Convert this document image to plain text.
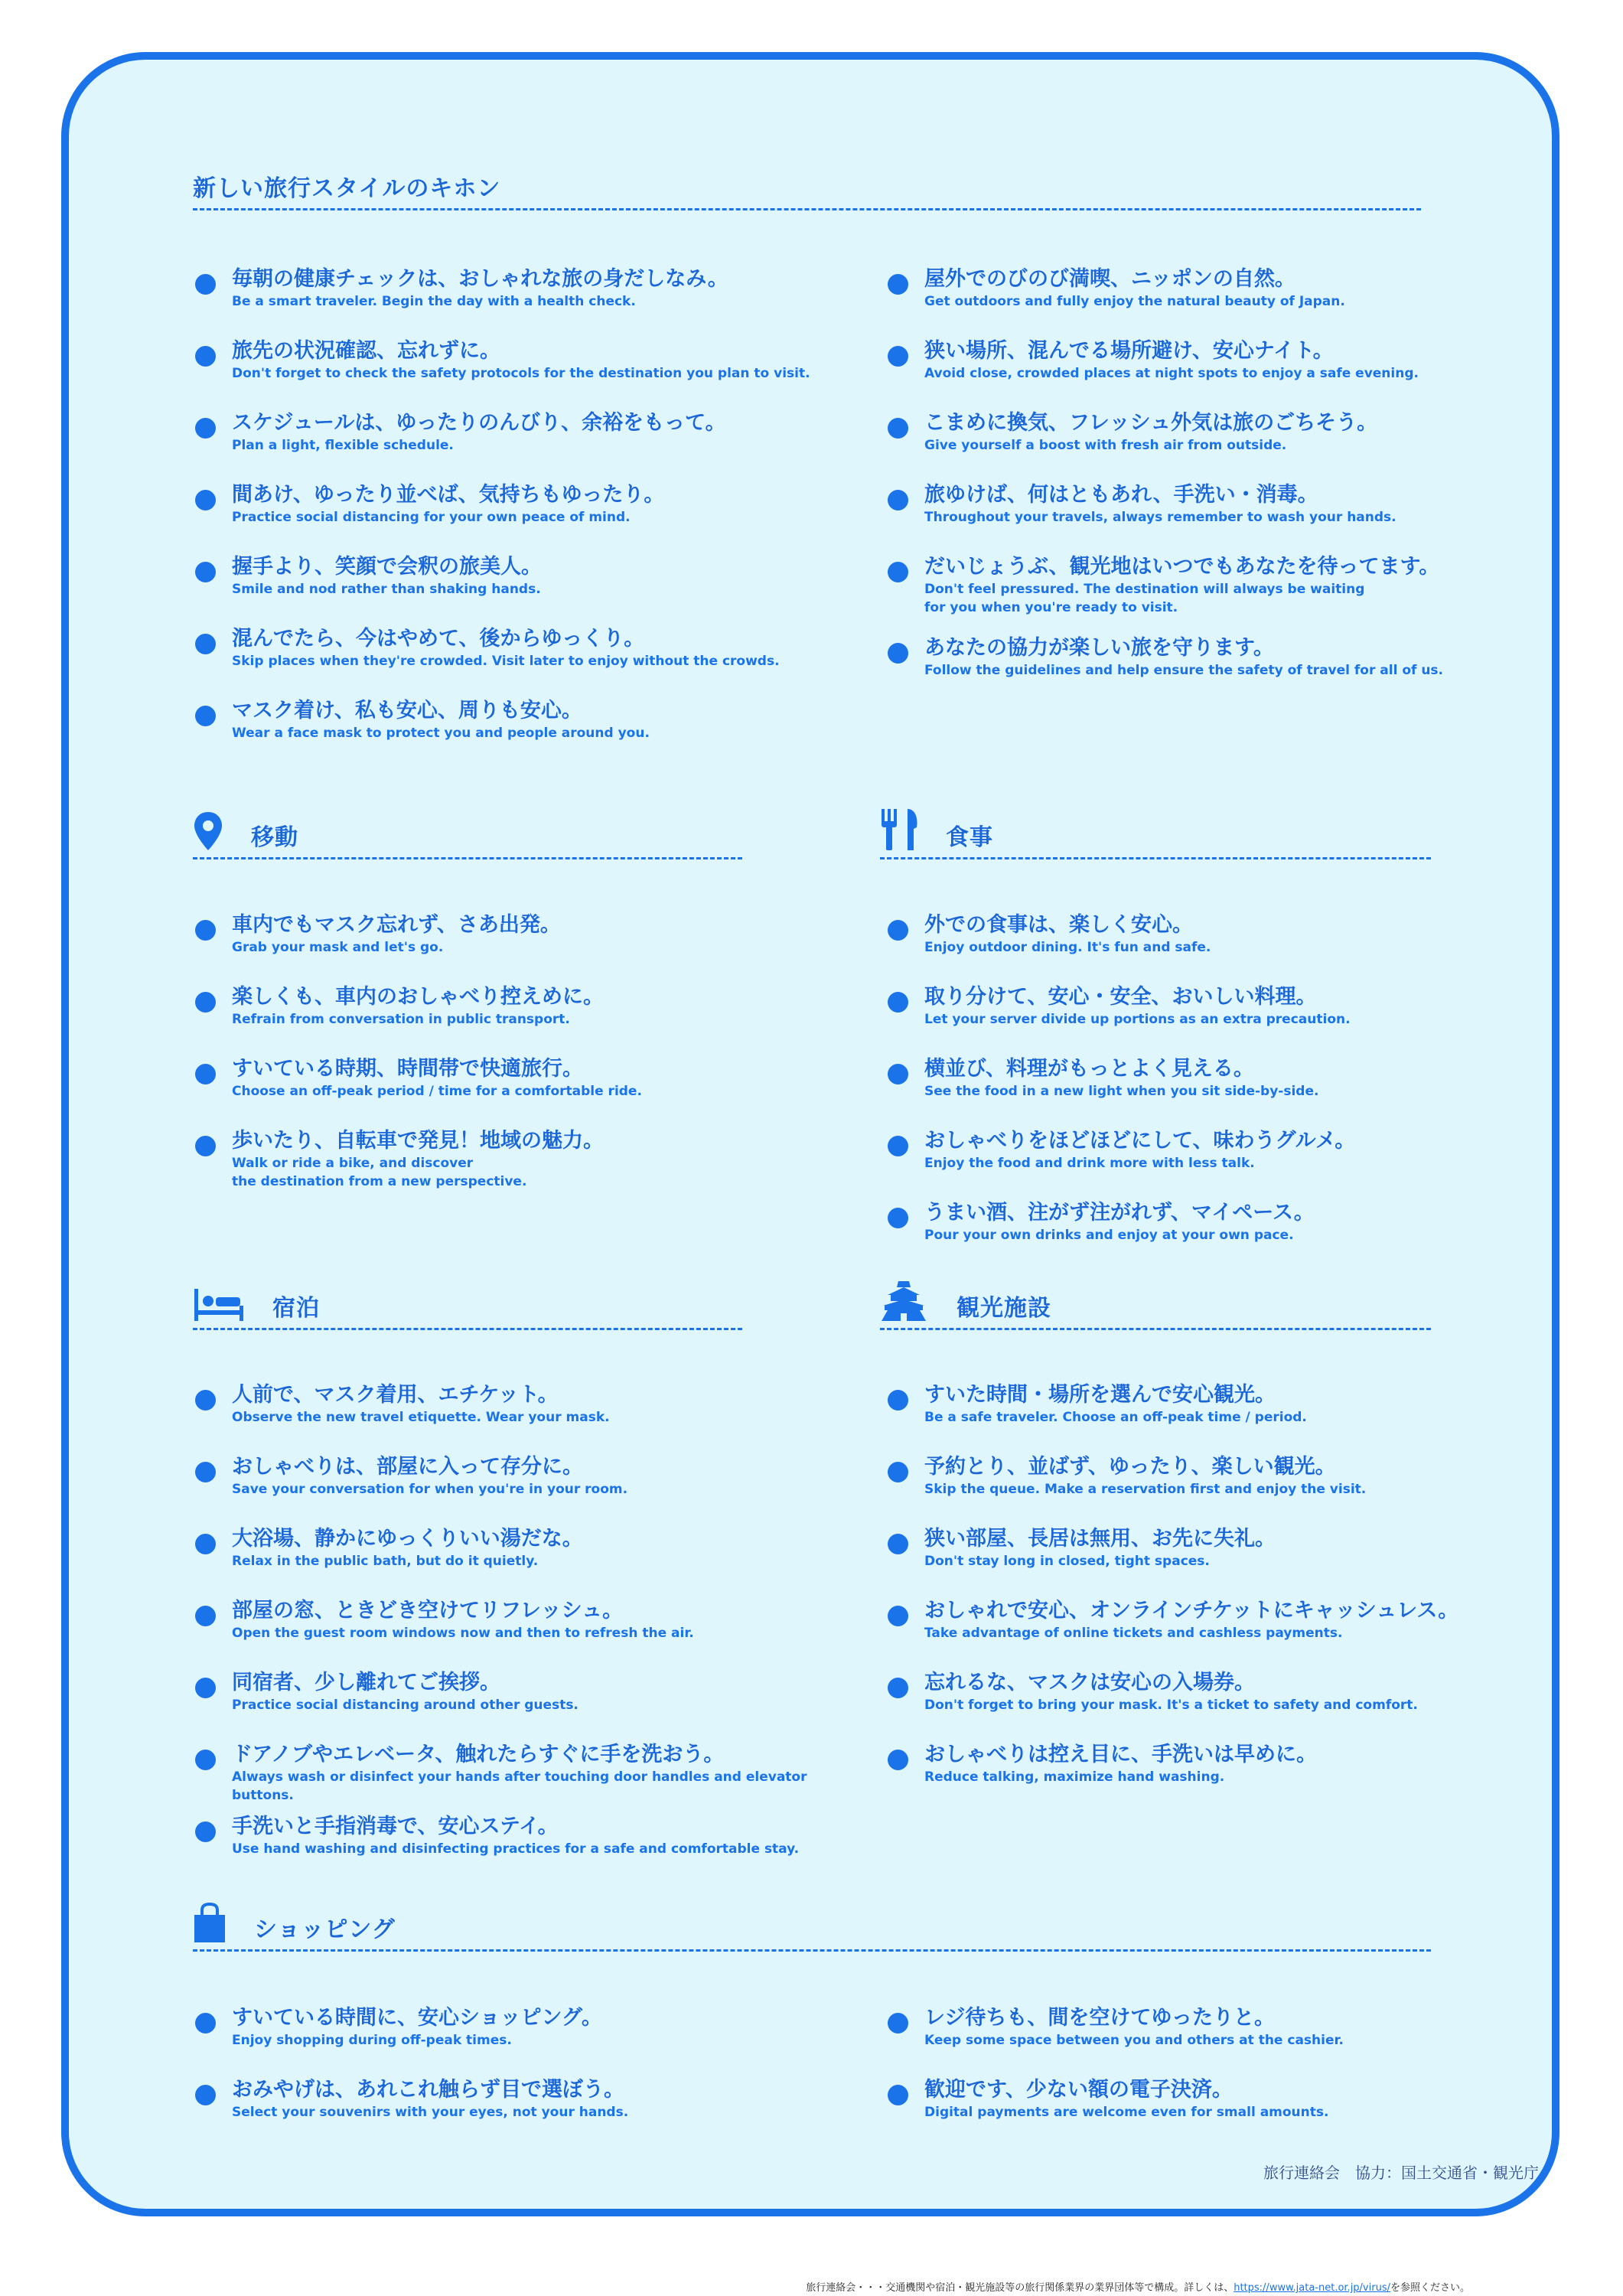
新しい旅行スタイルのキホン
毎朝の健康チェックは、おしゃれな旅の身だしなみ。
Be a smart traveler. Begin the day with a health check.
旅先の状況確認、忘れずに。
Don't forget to check the safety protocols for the destination you plan to visit.
スケジュールは、ゆったりのんびり、余裕をもって。
Plan a light, flexible schedule.
間あけ、ゆったり並べば、気持ちもゆったり。
Practice social distancing for your own peace of mind.
握手より、笑顔で会釈の旅美人。
Smile and nod rather than shaking hands.
混んでたら、今はやめて、後からゆっくり。
Skip places when they're crowded. Visit later to enjoy without the crowds.
マスク着け、私も安心、周りも安心。
Wear a face mask to protect you and people around you.
屋外でのびのび満喫、ニッポンの自然。
Get outdoors and fully enjoy the natural beauty of Japan.
狭い場所、混んでる場所避け、安心ナイト。
Avoid close, crowded places at night spots to enjoy a safe evening.
こまめに換気、フレッシュ外気は旅のごちそう。
Give yourself a boost with fresh air from outside.
旅ゆけば、何はともあれ、手洗い・消毒。
Throughout your travels, always remember to wash your hands.
だいじょうぶ、観光地はいつでもあなたを待ってます。
Don't feel pressured. The destination will always be waiting
for you when you're ready to visit.
あなたの協力が楽しい旅を守ります。
Follow the guidelines and help ensure the safety of travel for all of us.
移動
車内でもマスク忘れず、さあ出発。
Grab your mask and let's go.
楽しくも、車内のおしゃべり控えめに。
Refrain from conversation in public transport.
すいている時期、時間帯で快適旅行。
Choose an off-peak period / time for a comfortable ride.
歩いたり、自転車で発見！地域の魅力。
Walk or ride a bike, and discover
the destination from a new perspective.
食事
外での食事は、楽しく安心。
Enjoy outdoor dining. It's fun and safe.
取り分けて、安心・安全、おいしい料理。
Let your server divide up portions as an extra precaution.
横並び、料理がもっとよく見える。
See the food in a new light when you sit side-by-side.
おしゃべりをほどほどにして、味わうグルメ。
Enjoy the food and drink more with less talk.
うまい酒、注がず注がれず、マイペース。
Pour your own drinks and enjoy at your own pace.
宿泊
人前で、マスク着用、エチケット。
Observe the new travel etiquette. Wear your mask.
おしゃべりは、部屋に入って存分に。
Save your conversation for when you're in your room.
大浴場、静かにゆっくりいい湯だな。
Relax in the public bath, but do it quietly.
部屋の窓、ときどき空けてリフレッシュ。
Open the guest room windows now and then to refresh the air.
同宿者、少し離れてご挨拶。
Practice social distancing around other guests.
ドアノブやエレベータ、触れたらすぐに手を洗おう。
Always wash or disinfect your hands after touching door handles and elevator buttons.
手洗いと手指消毒で、安心ステイ。
Use hand washing and disinfecting practices for a safe and comfortable stay.
観光施設
すいた時間・場所を選んで安心観光。
Be a safe traveler. Choose an off-peak time / period.
予約とり、並ばず、ゆったり、楽しい観光。
Skip the queue. Make a reservation first and enjoy the visit.
狭い部屋、長居は無用、お先に失礼。
Don't stay long in closed, tight spaces.
おしゃれで安心、オンラインチケットにキャッシュレス。
Take advantage of online tickets and cashless payments.
忘れるな、マスクは安心の入場券。
Don't forget to bring your mask. It's a ticket to safety and comfort.
おしゃべりは控え目に、手洗いは早めに。
Reduce talking, maximize hand washing.
ショッピング
すいている時間に、安心ショッピング。
Enjoy shopping during off-peak times.
おみやげは、あれこれ触らず目で選ぼう。
Select your souvenirs with your eyes, not your hands.
レジ待ちも、間を空けてゆったりと。
Keep some space between you and others at the cashier.
歓迎です、少ない額の電子決済。
Digital payments are welcome even for small amounts.
旅行連絡会　協力：国土交通省・観光庁
旅行連絡会・・・交通機関や宿泊・観光施設等の旅行関係業界の業界団体等で構成。詳しくは、https://www.jata-net.or.jp/virus/を参照ください。
